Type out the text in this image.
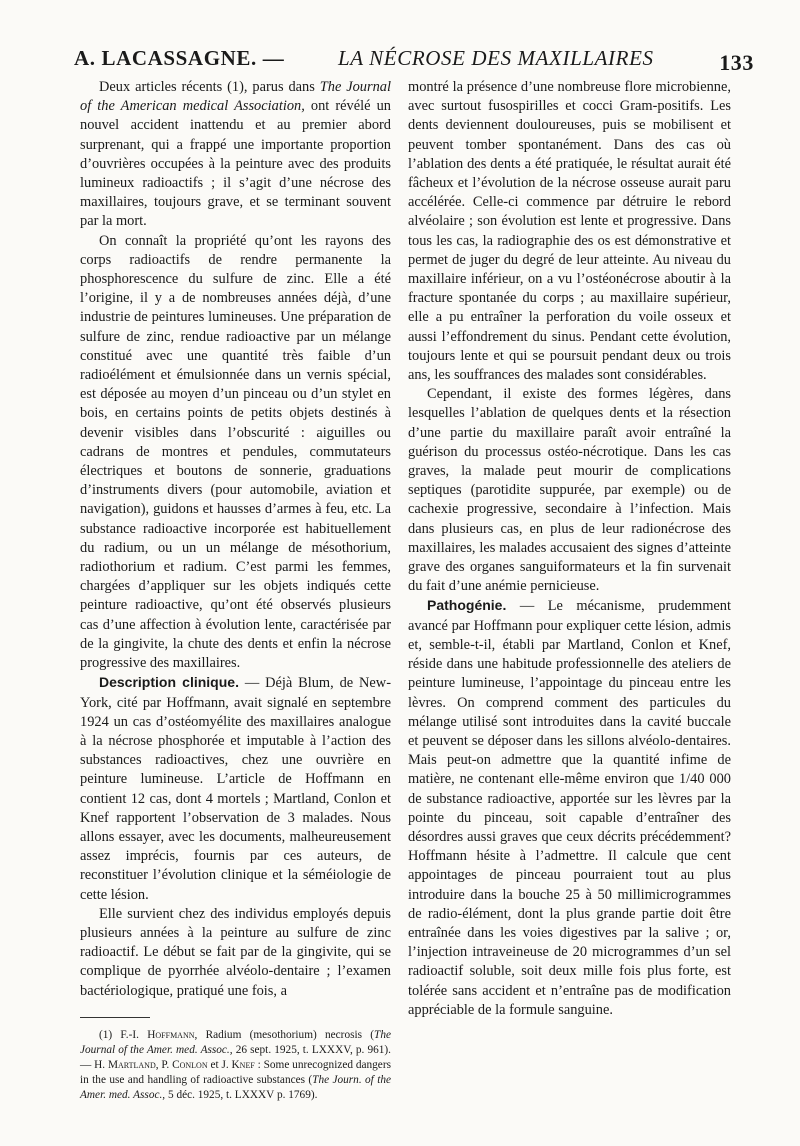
A. LACASSAGNE. —	LA NÉCROSE DES MAXILLAIRES	133

Deux articles récents (1), parus dans The Journal of the American medical Association, ont révélé un nouvel accident inattendu et au premier abord surprenant, qui a frappé une importante proportion d’ouvrières occupées à la peinture avec des produits lumineux radioactifs ; il s’agit d’une nécrose des maxillaires, toujours grave, et se terminant souvent par la mort.

On connaît la propriété qu’ont les rayons des corps radioactifs de rendre permanente la phosphorescence du sulfure de zinc. Elle a été l’origine, il y a de nombreuses années déjà, d’une industrie de peintures lumineuses. Une préparation de sulfure de zinc, rendue radioactive par un mélange constitué avec une quantité très faible d’un radioélément et émulsionnée dans un vernis spécial, est déposée au moyen d’un pinceau ou d’un stylet en bois, en certains points de petits objets destinés à devenir visibles dans l’obscurité : aiguilles ou cadrans de montres et pendules, commutateurs électriques et boutons de sonnerie, graduations d’instruments divers (pour automobile, aviation et navigation), guidons et hausses d’armes à feu, etc. La substance radioactive incorporée est habituellement du radium, ou un un mélange de mésothorium, radiothorium et radium. C’est parmi les femmes, chargées d’appliquer sur les objets indiqués cette peinture radioactive, qu’ont été observés plusieurs cas d’une affection à évolution lente, caractérisée par de la gingivite, la chute des dents et enfin la nécrose progressive des maxillaires.

Description clinique. — Déjà Blum, de New-York, cité par Hoffmann, avait signalé en septembre 1924 un cas d’ostéomyélite des maxillaires analogue à la nécrose phosphorée et imputable à l’action des substances radioactives, chez une ouvrière en peinture lumineuse. L’article de Hoffmann en contient 12 cas, dont 4 mortels ; Martland, Conlon et Knef rapportent l’observation de 3 malades. Nous allons essayer, avec les documents, malheureusement assez imprécis, fournis par ces auteurs, de reconstituer l’évolution clinique et la séméiologie de cette lésion.

Elle survient chez des individus employés depuis plusieurs années à la peinture au sulfure de zinc radioactif. Le début se fait par de la gingivite, qui se complique de pyorrhée alvéolo-dentaire ; l’examen bactériologique, pratiqué une fois, a

(1) F.-I. Hoffmann, Radium (mesothorium) necrosis (The Journal of the Amer. med. Assoc., 26 sept. 1925, t. LXXXV, p. 961). — H. Martland, P. Conlon et J. Knef : Some unrecognized dangers in the use and handling of radioactive substances (The Journ. of the Amer. med. Assoc., 5 déc. 1925, t. LXXXV p. 1769).

montré la présence d’une nombreuse flore microbienne, avec surtout fusospirilles et cocci Gram-positifs. Les dents deviennent douloureuses, puis se mobilisent et peuvent tomber spontanément. Dans des cas où l’ablation des dents a été pratiquée, le résultat aurait été fâcheux et l’évolution de la nécrose osseuse aurait paru accélérée. Celle-ci commence par détruire le rebord alvéolaire ; son évolution est lente et progressive. Dans tous les cas, la radiographie des os est démonstrative et permet de juger du degré de leur atteinte. Au niveau du maxillaire inférieur, on a vu l’ostéonécrose aboutir à la fracture spontanée du corps ; au maxillaire supérieur, elle a pu entraîner la perforation du voile osseux et aussi l’effondrement du sinus. Pendant cette évolution, toujours lente et qui se poursuit pendant deux ou trois ans, les souffrances des malades sont considérables.

Cependant, il existe des formes légères, dans lesquelles l’ablation de quelques dents et la résection d’une partie du maxillaire paraît avoir entraîné la guérison du processus ostéo-nécrotique. Dans les cas graves, la malade peut mourir de complications septiques (parotidite suppurée, par exemple) ou de cachexie progressive, secondaire à l’infection. Mais dans plusieurs cas, en plus de leur radionécrose des maxillaires, les malades accusaient des signes d’atteinte grave des organes sanguiformateurs et la fin survenait du fait d’une anémie pernicieuse.

Pathogénie. — Le mécanisme, prudemment avancé par Hoffmann pour expliquer cette lésion, admis et, semble-t-il, établi par Martland, Conlon et Knef, réside dans une habitude professionnelle des ateliers de peinture lumineuse, l’appointage du pinceau entre les lèvres. On comprend comment des particules du mélange utilisé sont introduites dans la cavité buccale et peuvent se déposer dans les sillons alvéolo-dentaires. Mais peut-on admettre que la quantité infime de matière, ne contenant elle-même environ que 1/40 000 de substance radioactive, apportée sur les lèvres par la pointe du pinceau, soit capable d’entraîner des désordres aussi graves que ceux décrits précédemment? Hoffmann hésite à l’admettre. Il calcule que cent appointages de pinceau pourraient tout au plus introduire dans la bouche 25 à 50 millimicrogrammes de radio-élément, dont la plus grande partie doit être entraînée dans les voies digestives par la salive ; or, l’injection intraveineuse de 20 microgrammes d’un sel radioactif soluble, soit deux mille fois plus forte, est tolérée sans accident et n’entraîne pas de modification appréciable de la formule sanguine.
